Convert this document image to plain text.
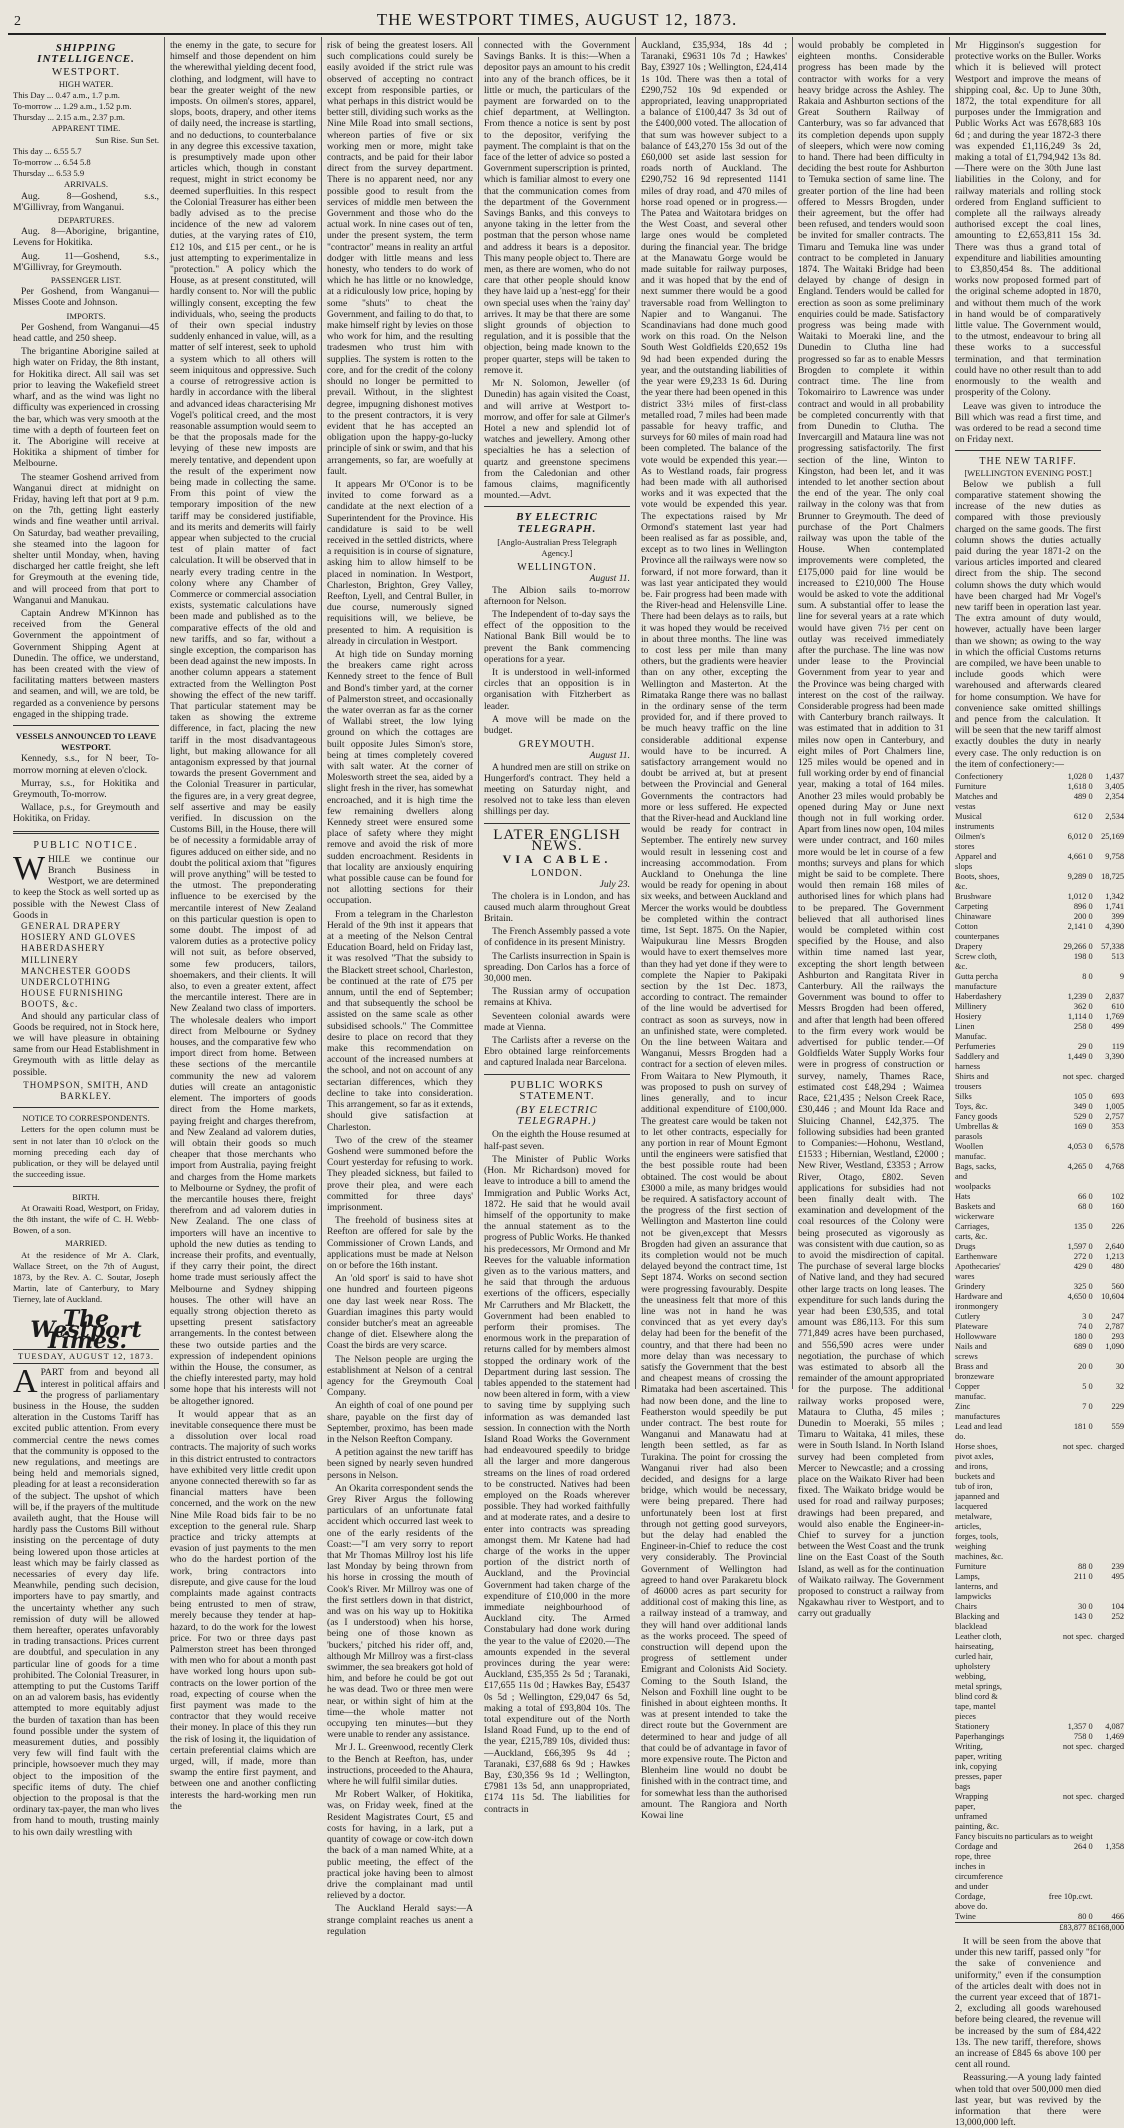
2	THE WESTPORT TIMES, AUGUST 12, 1873.
SHIPPING INTELLIGENCE.
WESTPORT.
HIGH WATER.
This Day ... 0.47 a.m., 1.7 p.m.
To-morrow ... 1.29 a.m., 1.52 p.m.
Thursday ... 2.15 a.m., 2.37 p.m.
APPARENT TIME.
Sun Rise. Sun Set.
This day ... 6.55 5.7
To-morrow ... 6.54 5.8
Thursday ... 6.53 5.9
ARRIVALS.

Aug. 8—Goshend, s.s., M'Gillivray, from Wanganui.

DEPARTURES.

Aug. 8—Aborigine, brigantine, Levens for Hokitika.

Aug. 11—Goshend, s.s., M'Gillivray, for Greymouth.

PASSENGER LIST.

Per Goshend, from Wanganui—Misses Coote and Johnson.

IMPORTS.

Per Goshend, from Wanganui—45 head cattle, and 250 sheep.

The brigantine Aborigine sailed at high water on Friday, the 8th instant, for Hokitika direct. All sail was set prior to leaving the Wakefield street wharf, and as the wind was light no difficulty was experienced in crossing the bar, which was very smooth at the time with a depth of fourteen feet on it. The Aborigine will receive at Hokitika a shipment of timber for Melbourne.

The steamer Goshend arrived from Wanganui direct at midnight on Friday, having left that port at 9 p.m. on the 7th, getting light easterly winds and fine weather until arrival. On Saturday, bad weather prevailing, she steamed into the lagoon for shelter until Monday, when, having discharged her cattle freight, she left for Greymouth at the evening tide, and will proceed from that port to Wanganui and Manukau.

Captain Andrew M'Kinnon has received from the General Government the appointment of Government Shipping Agent at Dunedin. The office, we understand, has been created with the view of facilitating matters between masters and seamen, and will, we are told, be regarded as a convenience by persons engaged in the shipping trade.

VESSELS ANNOUNCED TO LEAVE WESTPORT.

Kennedy, s.s., for N beer, To-morrow morning at eleven o'clock.

Murray, s.s., for Hokitika and Greymouth, To-morrow.

Wallace, p.s., for Greymouth and Hokitika, on Friday.

PUBLIC NOTICE.
W HILE we continue our Branch Business in Westport, we are determined to keep the Stock as well sorted up as possible with the Newest Class of Goods in
GENERAL DRAPERY
HOSIERY AND GLOVES
HABERDASHERY
MILLINERY
MANCHESTER GOODS
UNDERCLOTHING
HOUSE FURNISHING
BOOTS, &c.

And should any particular class of Goods be required, not in Stock here, we will have pleasure in obtaining same from our Head Establishment in Greymouth with as little delay as possible.

THOMPSON, SMITH, AND BARKLEY.
NOTICE TO CORRESPONDENTS.

Letters for the open column must be sent in not later than 10 o'clock on the morning preceding each day of publication, or they will be delayed until the succeeding issue.

BIRTH.

At Orawaiti Road, Westport, on Friday, the 8th instant, the wife of C. H. Webb-Bowen, of a son.

MARRIED.

At the residence of Mr A. Clark, Wallace Street, on the 7th of August, 1873, by the Rev. A. C. Soutar, Joseph Martin, late of Canterbury, to Mary Tierney, late of Auckland.

The Westport Times.
TUESDAY, AUGUST 12, 1873.
A PART from and beyond all interest in political affairs and the progress of parliamentary business in the House, the sudden alteration in the Customs Tariff has excited public attention. From every commercial centre the news comes that the community is opposed to the new regulations, and meetings are being held and memorials signed, pleading for at least a reconsideration of the subject. The upshot of which will be, if the prayers of the multitude availeth aught, that the House will hardly pass the Customs Bill without insisting on the percentage of duty being lowered upon those articles at least which may be fairly classed as necessaries of every day life. Meanwhile, pending such decision, importers have to pay smartly, and the uncertainty whether any such remission of duty will be allowed them hereafter, operates unfavorably in trading transactions. Prices current are doubtful, and speculation in any particular line of goods for a time prohibited. The Colonial Treasurer, in attempting to put the Customs Tariff on an ad valorem basis, has evidently attempted to more equitably adjust the burden of taxation than has been found possible under the system of measurement duties, and possibly very few will find fault with the principle, howsoever much they may object to the imposition of the specific items of duty. The chief objection to the proposal is that the ordinary tax-payer, the man who lives from hand to mouth, trusting mainly to his own daily wrestling with

the enemy in the gate, to secure for himself and those dependent on him the wherewithal yielding decent food, clothing, and lodgment, will have to bear the greater weight of the new imposts. On oilmen's stores, apparel, slops, boots, drapery, and other items of daily need, the increase is startling, and no deductions, to counterbalance in any degree this excessive taxation, is presumptively made upon other articles which, though in constant request, might in strict economy be deemed superfluities. In this respect the Colonial Treasurer has either been badly advised as to the precise incidence of the new ad valorem duties, at the varying rates of £10, £12 10s, and £15 per cent., or he is just attempting to experimentalize in "protection." A policy which the House, as at present constituted, will hardly consent to. Nor will the public willingly consent, excepting the few individuals, who, seeing the products of their own special industry suddenly enhanced in value, will, as a matter of self interest, seek to uphold a system which to all others will seem iniquitous and oppressive. Such a course of retrogressive action is hardly in accordance with the liberal and advanced ideas characterising Mr Vogel's political creed, and the most reasonable assumption would seem to be that the proposals made for the levying of these new imposts are merely tentative, and dependent upon the result of the experiment now being made in collecting the same. From this point of view the temporary imposition of the new tariff may be considered justifiable, and its merits and demerits will fairly appear when subjected to the crucial test of plain matter of fact calculation. It will be observed that in nearly every trading centre in the colony where any Chamber of Commerce or commercial association exists, systematic calculations have been made and published as to the comparative effects of the old and new tariffs, and so far, without a single exception, the comparison has been dead against the new imposts. In another column appears a statement extracted from the Wellington Post showing the effect of the new tariff. That particular statement may be taken as showing the extreme difference, in fact, placing the new tariff in the most disadvantageous light, but making allowance for all antagonism expressed by that journal towards the present Government and the Colonial Treasurer in particular, the figures are, in a very great degree, self assertive and may be easily verified. In discussion on the Customs Bill, in the House, there will be of necessity a formidable array of figures adduced on either side, and no doubt the political axiom that "figures will prove anything" will be tested to the utmost. The preponderating influence to be exercised by the mercantile interest of New Zealand on this particular question is open to some doubt. The impost of ad valorem duties as a protective policy will not suit, as before observed, some few producers, tailors, shoemakers, and their clients. It will also, to even a greater extent, affect the mercantile interest. There are in New Zealand two class of importers. The wholesale dealers who import direct from Melbourne or Sydney houses, and the comparative few who import direct from home. Between these sections of the mercantile community the new ad valorem duties will create an antagonistic element. The importers of goods direct from the Home markets, paying freight and charges therefrom, and New Zealand ad valorem duties, will obtain their goods so much cheaper that those merchants who import from Australia, paying freight and charges from the Home markets to Melbourne or Sydney, the profit of the mercantile houses there, freight therefrom and ad valorem duties in New Zealand. The one class of importers will have an incentive to uphold the new duties as tending to increase their profits, and eventually, if they carry their point, the direct home trade must seriously affect the Melbourne and Sydney shipping houses. The other will have an equally strong objection thereto as upsetting present satisfactory arrangements. In the contest between these two outside parties and the expression of independent opinions within the House, the consumer, as the chiefly interested party, may hold some hope that his interests will not be altogether ignored.

It would appear that as an inevitable consequence there must be a dissolution over local road contracts. The majority of such works in this district entrusted to contractors have exhibited very little credit upon anyone connected therewith so far as financial matters have been concerned, and the work on the new Nine Mile Road bids fair to be no exception to the general rule. Sharp practice and tricky attempts at evasion of just payments to the men who do the hardest portion of the work, bring contractors into disrepute, and give cause for the loud complaints made against contracts being entrusted to men of straw, merely because they tender at hap-hazard, to do the work for the lowest price. For two or three days past Palmerston street has been thronged with men who for about a month past have worked long hours upon sub-contracts on the lower portion of the road, expecting of course when the first payment was made to the contractor that they would receive their money. In place of this they run the risk of losing it, the liquidation of certain preferential claims which are urged, will, if made, more than swamp the entire first payment, and between one and another conflicting interests the hard-working men run the

risk of being the greatest losers. All such complications could surely be easily avoided if the strict rule was observed of accepting no contract except from responsible parties, or what perhaps in this district would be better still, dividing such works as the Nine Mile Road into small sections, whereon parties of five or six working men or more, might take contracts, and be paid for their labor direct from the survey department. There is no apparent need, nor any possible good to result from the services of middle men between the Government and those who do the actual work. In nine cases out of ten, under the present system, the term "contractor" means in reality an artful dodger with little means and less honesty, who tenders to do work of which he has little or no knowledge, at a ridiculously low price, hoping by some "shuts" to cheat the Government, and failing to do that, to make himself right by levies on those who work for him, and the resulting tradesmen who trust him with supplies. The system is rotten to the core, and for the credit of the colony should no longer be permitted to prevail. Without, in the slightest degree, impugning dishonest motives to the present contractors, it is very evident that he has accepted an obligation upon the happy-go-lucky principle of sink or swim, and that his arrangements, so far, are woefully at fault.

It appears Mr O'Conor is to be invited to come forward as a candidate at the next election of a Superintendent for the Province. His candidature is said to be well received in the settled districts, where a requisition is in course of signature, asking him to allow himself to be placed in nomination. In Westport, Charleston, Brighton, Grey Valley, Reefton, Lyell, and Central Buller, in due course, numerously signed requisitions will, we believe, be presented to him. A requisition is already in circulation in Westport.

At high tide on Sunday morning the breakers came right across Kennedy street to the fence of Bull and Bond's timber yard, at the corner of Palmerston street, and occasionally the water overran as far as the corner of Wallabi street, the low lying ground on which the cottages are built opposite Jules Simon's store, being at times completely covered with salt water. At the corner of Molesworth street the sea, aided by a slight fresh in the river, has somewhat encroached, and it is high time the few remaining dwellers along Kennedy street were ensured some place of safety where they might remove and avoid the risk of more sudden encroachment. Residents in that locality are anxiously enquiring what possible cause can be found for not allotting sections for their occupation.

From a telegram in the Charleston Herald of the 9th inst it appears that at a meeting of the Nelson Central Education Board, held on Friday last, it was resolved "That the subsidy to the Blackett street school, Charleston, be continued at the rate of £75 per annum, until the end of September; and that subsequently the school be assisted on the same scale as other subsidised schools." The Committee desire to place on record that they make this recommendation on account of the increased numbers at the school, and not on account of any sectarian differences, which they decline to take into consideration. This arrangement, so far as it extends, should give satisfaction at Charleston.

Two of the crew of the steamer Goshend were summoned before the Court yesterday for refusing to work. They pleaded sickness, but failed to prove their plea, and were each committed for three days' imprisonment.

The freehold of business sites at Reefton are offered for sale by the Commissioner of Crown Lands, and applications must be made at Nelson on or before the 16th instant.

An 'old sport' is said to have shot one hundred and fourteen pigeons one day last week near Ross. The Guardian imagines this party would consider butcher's meat an agreeable change of diet. Elsewhere along the Coast the birds are very scarce.

The Nelson people are urging the establishment at Nelson of a central agency for the Greymouth Coal Company.

An eighth of coal of one pound per share, payable on the first day of September, proximo, has been made in the Nelson Reefton Company.

A petition against the new tariff has been signed by nearly seven hundred persons in Nelson.

An Okarita correspondent sends the Grey River Argus the following particulars of an unfortunate fatal accident which occurred last week to one of the early residents of the Coast:—"I am very sorry to report that Mr Thomas Millroy lost his life last Monday by being thrown from his horse in crossing the mouth of Cook's River. Mr Millroy was one of the first settlers down in that district, and was on his way up to Hokitika (as I understood) when his horse, being one of those known as 'buckers,' pitched his rider off, and, although Mr Millroy was a first-class swimmer, the sea breakers got hold of him, and before he could be got out he was dead. Two or three men were near, or within sight of him at the time—the whole matter not occupying ten minutes—but they were unable to render any assistance.

Mr J. L. Greenwood, recently Clerk to the Bench at Reefton, has, under instructions, proceeded to the Ahaura, where he will fulfil similar duties.

Mr Robert Walker, of Hokitika, was, on Friday week, fined at the Resident Magistrates Court, £5 and costs for having, in a lark, put a quantity of cowage or cow-itch down the back of a man named White, at a public meeting, the effect of the practical joke having been to almost drive the complainant mad until relieved by a doctor.

The Auckland Herald says:—A strange complaint reaches us anent a regulation

connected with the Government Savings Banks. It is this:—When a depositor pays an amount to his credit into any of the branch offices, be it little or much, the particulars of the payment are forwarded on to the chief department, at Wellington. From thence a notice is sent by post to the depositor, verifying the payment. The complaint is that on the face of the letter of advice so posted a Government superscription is printed, which is familiar almost to every one that the communication comes from the department of the Government Savings Banks, and this conveys to anyone taking in the letter from the postman that the person whose name and address it bears is a depositor. This many people object to. There are men, as there are women, who do not care that other people should know they have laid up a 'nest-egg' for their own special uses when the 'rainy day' arrives. It may be that there are some slight grounds of objection to regulation, and it is possible that the objection, being made known to the proper quarter, steps will be taken to remove it.

Mr N. Solomon, Jeweller (of Dunedin) has again visited the Coast, and will arrive at Westport to-morrow, and offer for sale at Gilmer's Hotel a new and splendid lot of watches and jewellery. Among other specialties he has a selection of quartz and greenstone specimens from the Caledonian and other famous claims, magnificently mounted.—Advt.

BY ELECTRIC TELEGRAPH.
[Anglo-Australian Press Telegraph Agency.]
WELLINGTON.
August 11.

The Albion sails to-morrow afternoon for Nelson.

The Independent of to-day says the effect of the opposition to the National Bank Bill would be to prevent the Bank commencing operations for a year.

It is understood in well-informed circles that an opposition is in organisation with Fitzherbert as leader.

A move will be made on the budget.

GREYMOUTH.
August 11.

A hundred men are still on strike on Hungerford's contract. They held a meeting on Saturday night, and resolved not to take less than eleven shillings per day.

LATER ENGLISH NEWS.
VIA CABLE.
LONDON.
July 23.

The cholera is in London, and has caused much alarm throughout Great Britain.

The French Assembly passed a vote of confidence in its present Ministry.

The Carlists insurrection in Spain is spreading. Don Carlos has a force of 30,000 men.

The Russian army of occupation remains at Khiva.

Seventeen colonial awards were made at Vienna.

The Carlists after a reverse on the Ebro obtained large reinforcements and captured Inalada near Barcelona.

PUBLIC WORKS STATEMENT.
(BY ELECTRIC TELEGRAPH.)

On the eighth the House resumed at half-past seven.

The Minister of Public Works (Hon. Mr Richardson) moved for leave to introduce a bill to amend the Immigration and Public Works Act, 1872. He said that he would avail himself of the opportunity to make the annual statement as to the progress of Public Works. He thanked his predecessors, Mr Ormond and Mr Reeves for the valuable information given as to the various matters, and he said that through the arduous exertions of the officers, especially Mr Carruthers and Mr Blackett, the Government had been enabled to perform their promises. The enormous work in the preparation of returns called for by members almost stopped the ordinary work of the Department during last session. The tables appended to the statement had now been altered in form, with a view to saving time by supplying such information as was demanded last session. In connection with the North Island Road Works the Government had endeavoured speedily to bridge all the larger and more dangerous streams on the lines of road ordered to be constructed. Natives had been employed on the Roads wherever possible. They had worked faithfully and at moderate rates, and a desire to enter into contracts was spreading amongst them. Mr Katene had had charge of the works in the upper portion of the district north of Auckland, and the Provincial Government had taken charge of the expenditure of £10,000 in the more immediate neighbourhood of Auckland city. The Armed Constabulary had done work during the year to the value of £2020.—The amounts expended in the several provinces during the year were: Auckland, £35,355 2s 5d ; Taranaki, £17,655 11s 0d ; Hawkes Bay, £5437 0s 5d ; Wellington, £29,047 6s 5d, making a total of £93,804 10s. The total expenditure out of the North Island Road Fund, up to the end of the year, £215,789 10s, divided thus:—Auckland, £66,395 9s 4d ; Taranaki, £37,688 6s 9d ; Hawkes Bay, £30,356 9s 1d ; Wellington, £7981 13s 5d, ann unappropriated, £174 11s 5d. The liabilities for contracts in

Auckland, £35,934, 18s 4d ; Taranaki, £9631 10s 7d ; Hawkes' Bay, £3927 10s ; Wellington, £24,414 1s 10d. There was then a total of £290,752 10s 9d expended or appropriated, leaving unappropriated a balance of £100,447 3s 3d out of the £400,000 voted. The allocation of that sum was however subject to a balance of £43,270 15s 3d out of the £60,000 set aside last session for roads north of Auckland. The £290,752 16 9d represented 1141 miles of dray road, and 470 miles of horse road opened or in progress.—The Patea and Waitotara bridges on the West Coast, and several other large ones would be completed during the financial year. The bridge at the Manawatu Gorge would be made suitable for railway purposes, and it was hoped that by the end of next summer there would be a good traversable road from Wellington to Napier and to Wanganui. The Scandinavians had done much good work on this road. On the Nelson South West Goldfields £20,652 19s 9d had been expended during the year, and the outstanding liabilities of the year were £9,233 1s 6d. During the year there had been opened in this district 33½ miles of first-class metalled road, 7 miles had been made passable for heavy traffic, and surveys for 60 miles of main road had been completed. The balance of the vote would be expended this year.—As to Westland roads, fair progress had been made with all authorised works and it was expected that the vote would be expended this year. The expectations raised by Mr Ormond's statement last year had been realised as far as possible, and, except as to two lines in Wellington Province all the railways were now so forward, if not more forward, than it was last year anticipated they would be. Fair progress had been made with the River-head and Helensville Line. There had been delays as to rails, but it was hoped they would be received in about three months. The line was to cost less per mile than many others, but the gradients were heavier than on any other, excepting the Wellington and Masterton. At the Rimataka Range there was no ballast in the ordinary sense of the term provided for, and if there proved to be much heavy traffic on the line considerable additional expense would have to be incurred. A satisfactory arrangement would no doubt be arrived at, but at present between the Provincial and General Governments the contractors had more or less suffered. He expected that the River-head and Auckland line would be ready for contract in September. The entirely new survey would result in lessening cost and increasing accommodation. From Auckland to Onehunga the line would be ready for opening in about six weeks, and between Auckland and Mercer the works would be doubtless be completed within the contract time, 1st Sept. 1875. On the Napier, Waipukurau line Messrs Brogden would have to exert themselves more than they had yet done if they were to complete the Napier to Pakipaki section by the 1st Dec. 1873, according to contract. The remainder of the line would be advertised for contract as soon as surveys, now in an unfinished state, were completed. On the line between Waitara and Wanganui, Messrs Brogden had a contract for a section of eleven miles. From Waitara to New Plymouth, it was proposed to push on survey of lines generally, and to incur additional expenditure of £100,000. The greatest care would be taken not to let other contracts, especially for any portion in rear of Mount Egmont until the engineers were satisfied that the best possible route had been obtained. The cost would be about £3000 a mile, as many bridges would be required. A satisfactory account of the progress of the first section of Wellington and Masterton line could not be given,except that Messrs Brogden had given an assurance that its completion would not be much delayed beyond the contract time, 1st Sept 1874. Works on second section were progressing favourably. Despite the uneasiness felt that more of this line was not in hand he was convinced that as yet every day's delay had been for the benefit of the country, and that there had been no more delay than was necessary to satisfy the Government that the best and cheapest means of crossing the Rimataka had been ascertained. This had now been done, and the line to Featherston would speedily be put under contract. The best route for Wanganui and Manawatu had at length been settled, as far as Turakina. The point for crossing the Wanganui river had also been decided, and designs for a large bridge, which would be necessary, were being prepared. There had unfortunately been lost at first through not getting good surveyors, but the delay had enabled the Engineer-in-Chief to reduce the cost very considerably. The Provincial Government of Wellington had agreed to hand over Parakaretu block of 46000 acres as part security for additional cost of making this line, as a railway instead of a tramway, and they will hand over additional lands as the works proceed. The speed of construction will depend upon the progress of settlement under Emigrant and Colonists Aid Society. Coming to the South Island, the Nelson and Foxhill line ought to be finished in about eighteen months. It was at present intended to take the direct route but the Government are determined to hear and judge of all that could be of advantage in favor of more expensive route. The Picton and Blenheim line would no doubt be finished with in the contract time, and for somewhat less than the authorised amount. The Rangiora and North Kowai line

would probably be completed in eighteen months. Considerable progress has been made by the contractor with works for a very heavy bridge across the Ashley. The Rakaia and Ashburton sections of the Great Southern Railway of Canterbury, was so far advanced that its completion depends upon supply of sleepers, which were now coming to hand. There had been difficulty in deciding the best route for Ashburton to Temuka section of same line. The greater portion of the line had been offered to Messrs Brogden, under their agreement, but the offer had been refused, and tenders would soon be invited for smaller contracts. The Timaru and Temuka line was under contract to be completed in January 1874. The Waitaki Bridge had been delayed by change of design in England. Tenders would be called for erection as soon as some preliminary enquiries could be made. Satisfactory progress was being made with Waitaki to Moeraki line, and the Dunedin to Clutha line had progressed so far as to enable Messrs Brogden to complete it within contract time. The line from Tokomairiro to Lawrence was under contract and would in all probability be completed concurrently with that from Dunedin to Clutha. The Invercargill and Mataura line was not progressing satisfactorily. The first section of the line, Winton to Kingston, had been let, and it was intended to let another section about the end of the year. The only coal railway in the colony was that from Brunner to Greymouth. The deed of purchase of the Port Chalmers railway was upon the table of the House. When contemplated improvements were completed, the £175,000 paid for line would be increased to £210,000 The House would be asked to vote the additional sum. A substantial offer to lease the line for several years at a rate which would have given 7½ per cent on outlay was received immediately after the purchase. The line was now under lease to the Provincial Government from year to year and the Province was being charged with interest on the cost of the railway. Considerable progress had been made with Canterbury branch railways. It was estimated that in addition to 31 miles now open in Canterbury, and eight miles of Port Chalmers line, 125 miles would be opened and in full working order by end of financial year, making a total of 164 miles. Another 23 miles would probably be opened during May or June next though not in full working order. Apart from lines now open, 104 miles were under contract, and 160 miles more would be let in course of a few months; surveys and plans for which might be said to be complete. There would then remain 168 miles of authorised lines for which plans had to be prepared. The Government believed that all authorised lines would be completed within cost specified by the House, and also within time named last year, excepting the short length between Ashburton and Rangitata River in Canterbury. All the railways the Government was bound to offer to Messrs Brogden had been offered, and after that length had been offered to the firm every work would be advertised for public tender.—Of Goldfields Water Supply Works four were in progress of construction or survey, namely, Thames Race, estimated cost £48,294 ; Waimea Race, £21,435 ; Nelson Creek Race, £30,446 ; and Mount Ida Race and Sluicing Channel, £42,375. The following subsidies had been granted to Companies:—Hohonu, Westland, £1533 ; Hibernian, Westland, £2000 ; New River, Westland, £3353 ; Arrow River, Otago, £802. Seven applications for subsidies had not been finally dealt with. The examination and development of the coal resources of the Colony were being prosecuted as vigorously as was consistent with due caution, so as to avoid the misdirection of capital. The purchase of several large blocks of Native land, and they had secured other large tracts on long leases. The expenditure for such lands during the year had been £30,535, and total amount was £86,113. For this sum 771,849 acres have been purchased, and 556,590 acres were under negotiation, the purchase of which was estimated to absorb all the remainder of the amount appropriated for the purpose. The additional railway works proposed were, Mataura to Clutha, 45 miles ; Dunedin to Moeraki, 55 miles ; Timaru to Waitaka, 41 miles, these were in South Island. In North Island survey had been completed from Mercer to Newcastle; and a crossing place on the Waikato River had been fixed. The Waikato bridge would be used for road and railway purposes; drawings had been prepared, and would also enable the Engineer-in-Chief to survey for a junction between the West Coast and the trunk line on the East Coast of the South Island, as well as for the continuation of Waikato railway. The Government proposed to construct a railway from Ngakawhau river to Westport, and to carry out gradually

Mr Higginson's suggestion for protective works on the Buller. Works which it is believed will protect Westport and improve the means of shipping coal, &c. Up to June 30th, 1872, the total expenditure for all purposes under the Immigration and Public Works Act was £678,683 10s 6d ; and during the year 1872-3 there was expended £1,116,249 3s 2d, making a total of £1,794,942 13s 8d.—There were on the 30th June last liabilities in the Colony, and for railway materials and rolling stock ordered from England sufficient to complete all the railways already authorised except the coal lines, amounting to £2,653,811 15s 3d. There was thus a grand total of expenditure and liabilities amounting to £3,850,454 8s. The additional works now proposed formed part of the original scheme adopted in 1870, and without them much of the work in hand would be of comparatively little value. The Government would, to the utmost, endeavour to bring all these works to a successful termination, and that termination could have no other result than to add enormously to the wealth and prosperity of the Colony.

Leave was given to introduce the Bill which was read a first time, and was ordered to be read a second time on Friday next.

THE NEW TARIFF.
[WELLINGTON EVENING POST.]

Below we publish a full comparative statement showing the increase of the new duties as compared with those previously charged on the same goods. The first column shows the duties actually paid during the year 1871-2 on the various articles imported and cleared direct from the ship. The second column shows the duty which would have been charged had Mr Vogel's new tariff been in operation last year. The extra amount of duty would, however, actually have been larger than we shown; as owing to the way in which the official Customs returns are compiled, we have been unable to include goods which were warehoused and afterwards cleared for home consumption. We have for convenience sake omitted shillings and pence from the calculation. It will be seen that the new tariff almost exactly doubles the duty in nearly every case. The only reduction is on the item of confectionery:—

Confectionery	1,028 0	1,437
Furniture	1,618 0	3,405
Matches and vestas	489 0	2,354
Musical instruments	612 0	2,534
Oilmen's stores	6,012 0	25,169
Apparel and slops	4,661 0	9,758
Boots, shoes, &c.	9,289 0	18,725
Brushware	1,012 0	1,342
Carpeting	896 0	1,741
Chinaware	200 0	399
Cotton counterpanes	2,141 0	4,390
Drapery	29,266 0	57,338
Screw cloth, &c.	198 0	513
Gutta percha manufacture	8 0	9
Haberdashery	1,239 0	2,837
Millinery	362 0	610
Hosiery	1,114 0	1,769
Linen Manufac.	258 0	499
Perfumeries	29 0	119
Saddlery and harness	1,449 0	3,390
Shirts and trousers	not spec.	charged
Silks	105 0	693
Toys, &c.	349 0	1,005
Fancy goods	529 0	2,757
Umbrellas & parasols	169 0	353
Woollen manufac.	4,053 0	6,578
Bags, sacks, and woolpacks	4,265 0	4,768
Hats	66 0	102
Baskets and wickerware	68 0	160
Carriages, carts, &c.	135 0	226
Drugs	1,597 0	2,640
Earthenware	272 0	1,213
Apothecaries' wares	429 0	480
Grindery	325 0	560
Hardware and ironmongery	4,650 0	10,604
Cutlery	3 0	247
Plateware	74 0	2,787
Hollowware	180 0	293
Nails and screws	689 0	1,090
Brass and bronzeware	20 0	30
Copper manufac.	5 0	32
Zinc manufactures	7 0	229
Lead and lead do.	181 0	559
Horse shoes, pivot axles, and irons, buckets and tub of iron, japanned and lacquered metalware, articles, forges, tools, weighing machines, &c.	not spec.	charged
Furniture	88 0	239
Lamps, lanterns, and lampwicks	211 0	495
Chairs	30 0	104
Blacking and blacklead	143 0	252
Leather cloth, hairseating, curled hair, upholstery webbing, metal springs, blind cord & tape, mantel pieces	not spec.	charged
Stationery	1,357 0	4,087
Paperhangings	758 0	1,469
Writing, paper, writing ink, copying presses, paper bags	not spec.	charged
Wrapping paper, unframed painting, &c.	not spec.	charged
Fancy biscuits	no particulars as to weight	
Cordage and rope, three inches in circumference and under	264 0	1,358
Cordage, above do.	free 10p.cwt.	
Twine	80 0	466
	£83,877 8	£168,000

It will be seen from the above that under this new tariff, passed only "for the sake of convenience and uniformity," even if the consumption of the articles dealt with does not in the current year exceed that of 1871-2, excluding all goods warehoused before being cleared, the revenue will be increased by the sum of £84,422 13s. The new tariff, therefore, shows an increase of £845 6s above 100 per cent all round.

Reassuring.—A young lady fainted when told that over 500,000 men died last year, but was revived by the information that there were 13,000,000 left.
